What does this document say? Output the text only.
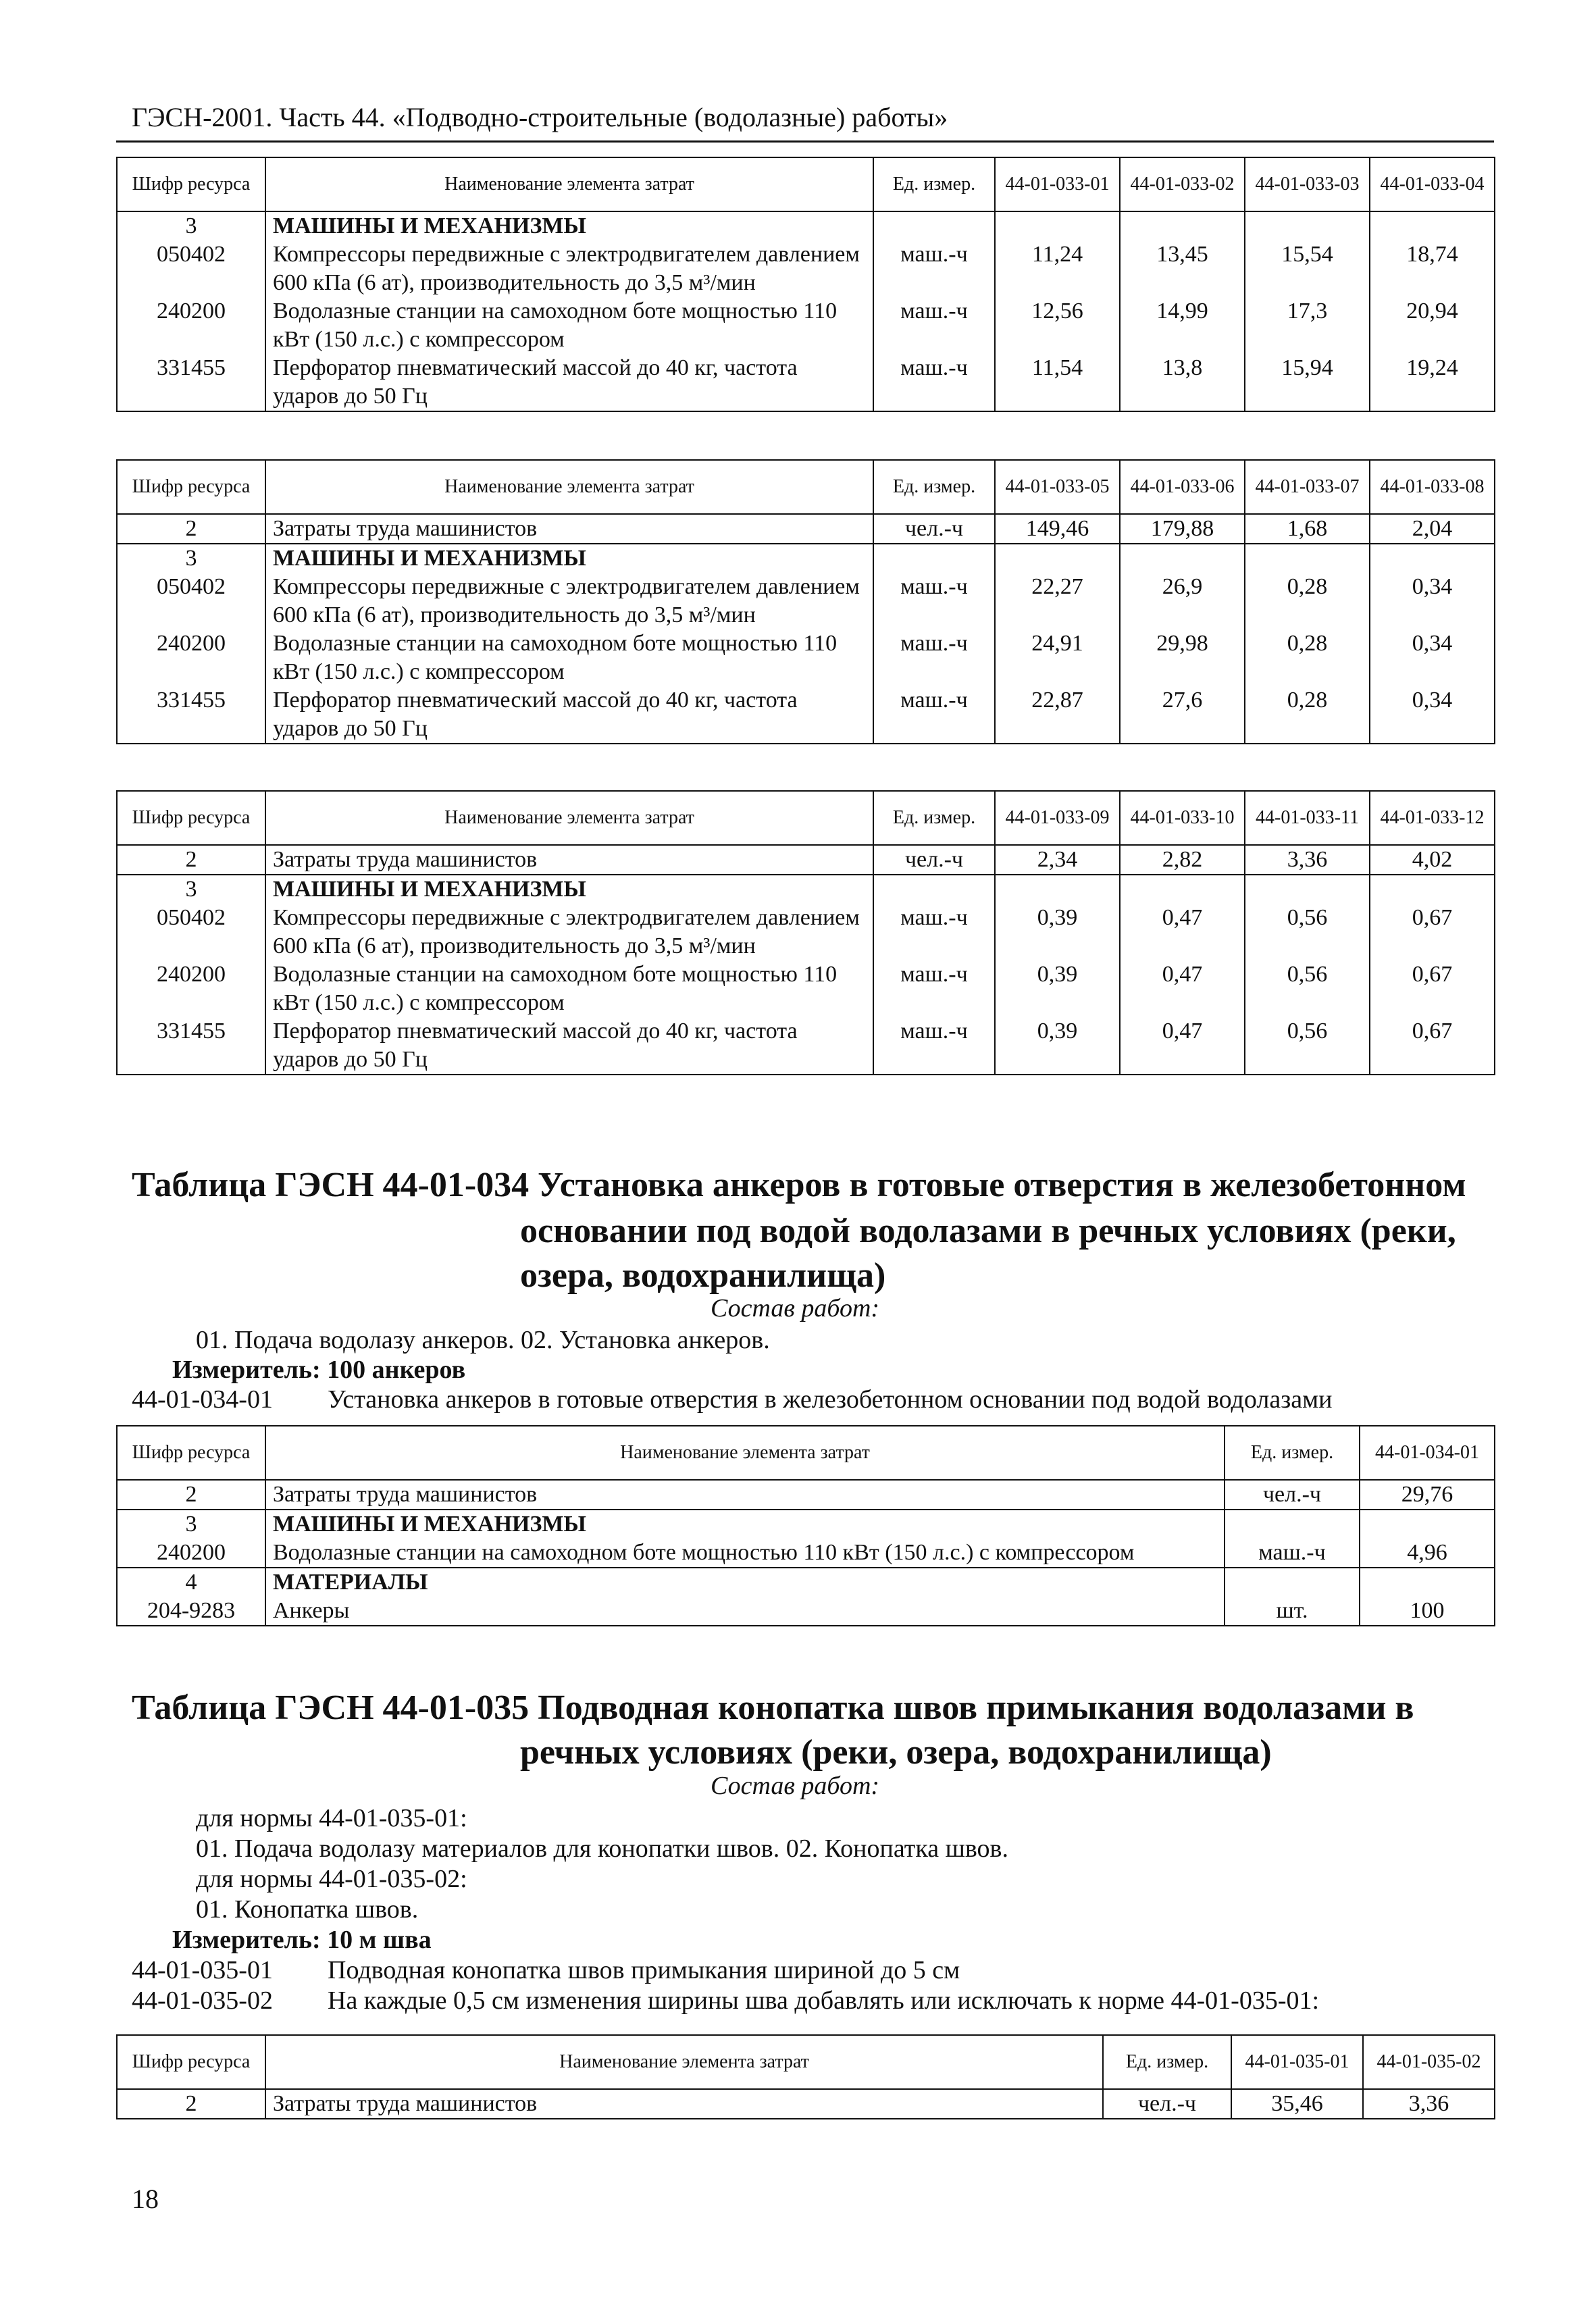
ГЭСН-2001. Часть 44. «Подводно-строительные (водолазные) работы»
Шифр ресурса	Наименование элемента затрат	Ед. измер.	44-01-033-01	44-01-033-02	44-01-033-03	44-01-033-04
3	МАШИНЫ И МЕХАНИЗМЫ					
050402	Компрессоры передвижные с электродвигателем давлением 600 кПа (6 ат), производительность до 3,5 м³/мин	маш.-ч	11,24	13,45	15,54	18,74
240200	Водолазные станции на самоходном боте мощностью 110 кВт (150 л.с.) с компрессором	маш.-ч	12,56	14,99	17,3	20,94
331455	Перфоратор пневматический массой до 40 кг, частота ударов до 50 Гц	маш.-ч	11,54	13,8	15,94	19,24
Шифр ресурса	Наименование элемента затрат	Ед. измер.	44-01-033-05	44-01-033-06	44-01-033-07	44-01-033-08
2	Затраты труда машинистов	чел.-ч	149,46	179,88	1,68	2,04
3	МАШИНЫ И МЕХАНИЗМЫ					
050402	Компрессоры передвижные с электродвигателем давлением 600 кПа (6 ат), производительность до 3,5 м³/мин	маш.-ч	22,27	26,9	0,28	0,34
240200	Водолазные станции на самоходном боте мощностью 110 кВт (150 л.с.) с компрессором	маш.-ч	24,91	29,98	0,28	0,34
331455	Перфоратор пневматический массой до 40 кг, частота ударов до 50 Гц	маш.-ч	22,87	27,6	0,28	0,34
Шифр ресурса	Наименование элемента затрат	Ед. измер.	44-01-033-09	44-01-033-10	44-01-033-11	44-01-033-12
2	Затраты труда машинистов	чел.-ч	2,34	2,82	3,36	4,02
3	МАШИНЫ И МЕХАНИЗМЫ					
050402	Компрессоры передвижные с электродвигателем давлением 600 кПа (6 ат), производительность до 3,5 м³/мин	маш.-ч	0,39	0,47	0,56	0,67
240200	Водолазные станции на самоходном боте мощностью 110 кВт (150 л.с.) с компрессором	маш.-ч	0,39	0,47	0,56	0,67
331455	Перфоратор пневматический массой до 40 кг, частота ударов до 50 Гц	маш.-ч	0,39	0,47	0,56	0,67
Таблица ГЭСН 44-01-034 Установка анкеров в готовые отверстия в железобетонном
основании под водой водолазами в речных условиях (реки,
озера, водохранилища)
Состав работ:
01. Подача водолазу анкеров. 02. Установка анкеров.
Измеритель: 100 анкеров
44-01-034-01 Установка анкеров в готовые отверстия в железобетонном основании под водой водолазами
Шифр ресурса	Наименование элемента затрат	Ед. измер.	44-01-034-01
2	Затраты труда машинистов	чел.-ч	29,76
3	МАШИНЫ И МЕХАНИЗМЫ		
240200	Водолазные станции на самоходном боте мощностью 110 кВт (150 л.с.) с компрессором	маш.-ч	4,96
4	МАТЕРИАЛЫ		
204-9283	Анкеры	шт.	100
Таблица ГЭСН 44-01-035 Подводная конопатка швов примыкания водолазами в
речных условиях (реки, озера, водохранилища)
Состав работ:
для нормы 44-01-035-01:
01. Подача водолазу материалов для конопатки швов. 02. Конопатка швов.
для нормы 44-01-035-02:
01. Конопатка швов.
Измеритель: 10 м шва
44-01-035-01 Подводная конопатка швов примыкания шириной до 5 см
44-01-035-02 На каждые 0,5 см изменения ширины шва добавлять или исключать к норме 44-01-035-01:
Шифр ресурса	Наименование элемента затрат	Ед. измер.	44-01-035-01	44-01-035-02
2	Затраты труда машинистов	чел.-ч	35,46	3,36
18
